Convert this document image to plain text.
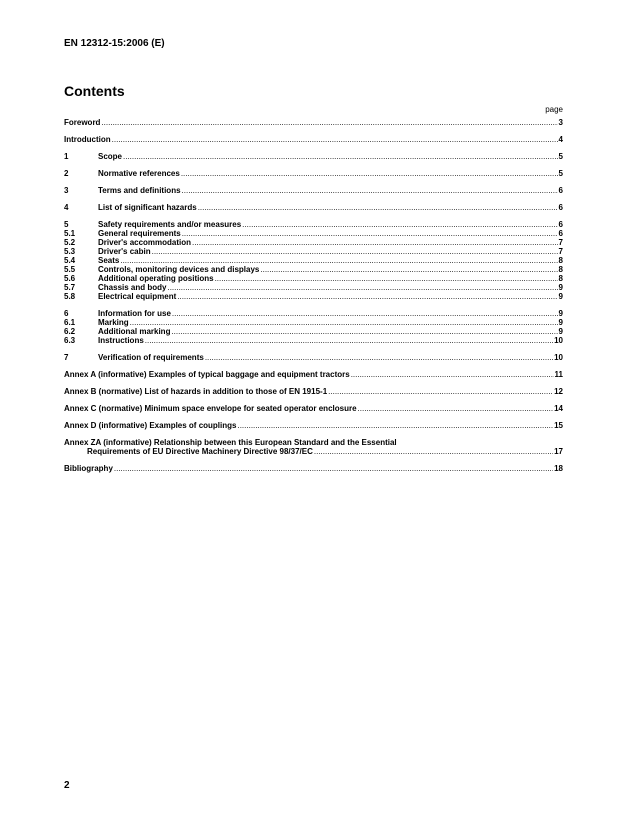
EN 12312-15:2006 (E)
Contents
page
Foreword .....	3
Introduction .....	4
1	Scope .....	5
2	Normative references .....	5
3	Terms and definitions .....	6
4	List of significant hazards .....	6
5	Safety requirements and/or measures .....	6
5.1	General requirements .....	6
5.2	Driver's accommodation .....	7
5.3	Driver's cabin .....	7
5.4	Seats .....	8
5.5	Controls, monitoring devices and displays .....	8
5.6	Additional operating positions .....	8
5.7	Chassis and body .....	9
5.8	Electrical equipment .....	9
6	Information for use .....	9
6.1	Marking .....	9
6.2	Additional marking .....	9
6.3	Instructions .....	10
7	Verification of requirements .....	10
Annex A (informative) Examples of typical baggage and equipment tractors .....	11
Annex B (normative) List of hazards in addition to those of EN 1915-1 .....	12
Annex C (normative) Minimum space envelope for seated operator enclosure .....	14
Annex D (informative) Examples of couplings .....	15
Annex ZA (informative) Relationship between this European Standard and the Essential
Requirements of EU Directive Machinery Directive 98/37/EC .....	17
Bibliography .....	18
2
